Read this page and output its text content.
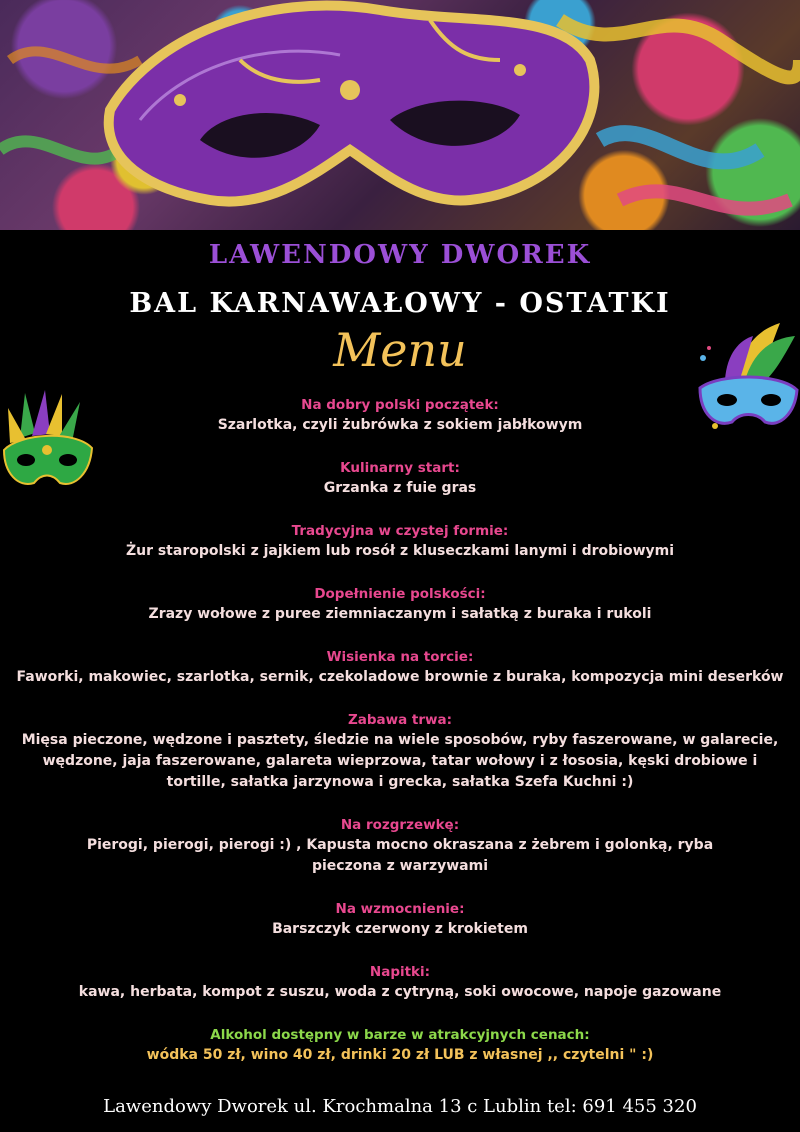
LAWENDOWY DWOREK
BAL KARNAWAŁOWY - OSTATKI
Menu

Na dobry polski początek:

Szarlotka, czyli żubrówka z sokiem jabłkowym

Kulinarny start:

Grzanka z fuie gras

Tradycyjna w czystej formie:

Żur staropolski z jajkiem lub rosół z kluseczkami lanymi i drobiowymi

Dopełnienie polskości:

Zrazy wołowe z puree ziemniaczanym i sałatką z buraka i rukoli

Wisienka na torcie:

Faworki, makowiec, szarlotka, sernik, czekoladowe brownie z buraka, kompozycja mini deserków

Zabawa trwa:

Mięsa pieczone, wędzone i pasztety, śledzie na wiele sposobów, ryby faszerowane, w galarecie, wędzone, jaja faszerowane, galareta wieprzowa, tatar wołowy i z łososia, kęski drobiowe i tortille, sałatka jarzynowa i grecka, sałatka Szefa Kuchni :)

Na rozgrzewkę:

Pierogi, pierogi, pierogi :) , Kapusta mocno okraszana z żebrem i golonką, ryba pieczona z warzywami

Na wzmocnienie:

Barszczyk czerwony z krokietem

Napitki:

kawa, herbata, kompot z suszu, woda z cytryną, soki owocowe, napoje gazowane

Alkohol dostępny w barze w atrakcyjnych cenach:

wódka 50 zł, wino 40 zł, drinki 20 zł LUB z własnej ,, czytelni " :)

Lawendowy Dworek ul. Krochmalna 13 c Lublin tel: 691 455 320
